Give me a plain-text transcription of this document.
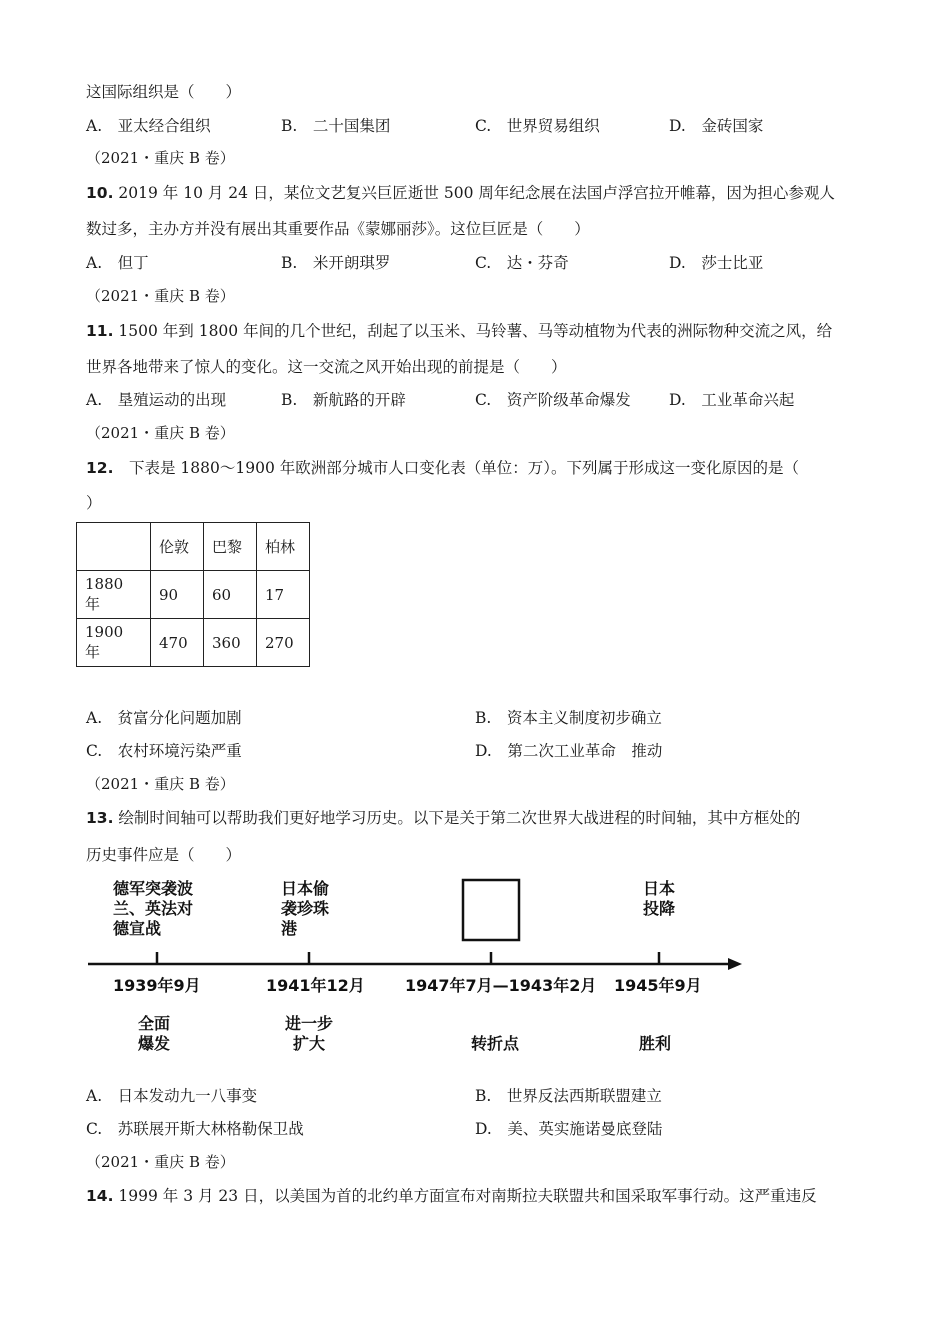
这国际组织是（　　）
A.　 亚太经合组织	B.　 二十国集团	C.　 世界贸易组织	D.　 金砖国家
（2021・重庆 B 卷）
10. 2019 年 10 月 24 日，某位文艺复兴巨匠逝世 500 周年纪念展在法国卢浮宫拉开帷幕，因为担心参观人
数过多，主办方并没有展出其重要作品《蒙娜丽莎》。这位巨匠是（　　）
A.　 但丁	B.　 米开朗琪罗	C.　 达・芬奇	D.　 莎士比亚
（2021・重庆 B 卷）
11. 1500 年到 1800 年间的几个世纪，刮起了以玉米、马铃薯、马等动植物为代表的洲际物种交流之风，给
世界各地带来了惊人的变化。这一交流之风开始出现的前提是（　　）
A.　 垦殖运动的出现	B.　 新航路的开辟	C.　 资产阶级革命爆发 D.　 工业革命兴起
（2021・重庆 B 卷）
12.　 下表是 1880～1900 年欧洲部分城市人口变化表（单位：万）。下列属于形成这一变化原因的是（
）
	伦敦	巴黎	柏林
1880 年	90	60	17
1900 年	470	360	270
A.　 贫富分化问题加剧	B.　 资本主义制度初步确立
C.　 农村环境污染严重	D.　 第二次工业革命　推动
（2021・重庆 B 卷）
13. 绘制时间轴可以帮助我们更好地学习历史。以下是关于第二次世界大战进程的时间轴，其中方框处的
历史事件应是（　　）
德军突袭波
兰、英法对
德宣战
日本偷
袭珍珠
港
日本
投降
1939年9月	1941年12月	1947年7月—1943年2月 1945年9月
全面
爆发
进一步
扩大	转折点	胜利
A.　 日本发动九一八事变	B.　 世界反法西斯联盟建立
C.　 苏联展开斯大林格勒保卫战	D.　 美、英实施诺曼底登陆
（2021・重庆 B 卷）
14. 1999 年 3 月 23 日，以美国为首的北约单方面宣布对南斯拉夫联盟共和国采取军事行动。这严重违反
